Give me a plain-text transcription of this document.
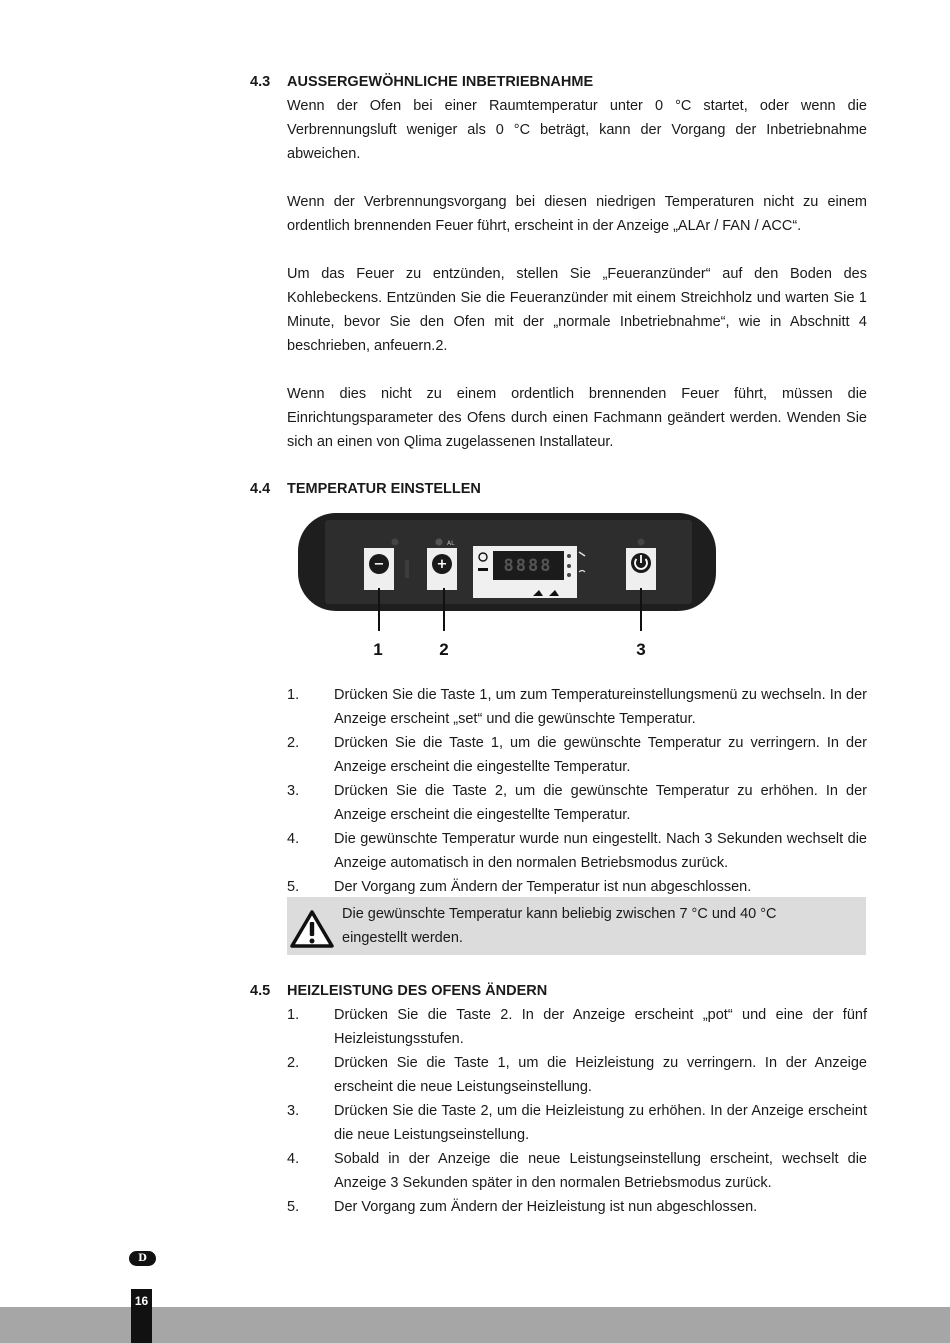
4.3	AUSSERGEWÖHNLICHE INBETRIEBNAHME

Wenn der Ofen bei einer Raumtemperatur unter 0 °C startet, oder wenn die Verbrennungsluft weniger als 0 °C beträgt, kann der Vorgang der Inbetriebnahme abweichen.

Wenn der Verbrennungsvorgang bei diesen niedrigen Temperaturen nicht zu einem ordentlich brennenden Feuer führt, erscheint in der Anzeige „ALAr / FAN / ACC“.

Um das Feuer zu entzünden, stellen Sie „Feueranzünder“ auf den Boden des Kohlebeckens. Entzünden Sie die Feueranzünder mit einem Streichholz und warten Sie 1 Minute, bevor Sie den Ofen mit der „normale Inbetriebnahme“, wie in Abschnitt 4 beschrieben, anfeuern.2.

Wenn dies nicht zu einem ordentlich brennenden Feuer führt, müssen die Einrichtungsparameter des Ofens durch einen Fachmann geändert werden. Wenden Sie sich an einen von Qlima zugelassenen Installateur.

4.4	TEMPERATUR EINSTELLEN
AL
−	+	8888
1	2	3
1.	Drücken Sie die Taste 1, um zum Temperatureinstellungsmenü zu wechseln. In der Anzeige erscheint „set“ und die gewünschte Temperatur.
2.	Drücken Sie die Taste 1, um die gewünschte Temperatur zu verringern. In der Anzeige erscheint die eingestellte Temperatur.
3.	Drücken Sie die Taste 2, um die gewünschte Temperatur zu erhöhen. In der Anzeige erscheint die eingestellte Temperatur.
4.	Die gewünschte Temperatur wurde nun eingestellt. Nach 3 Sekunden wechselt die Anzeige automatisch in den normalen Betriebsmodus zurück.
5.	Der Vorgang zum Ändern der Temperatur ist nun abgeschlossen.
Die gewünschte Temperatur kann beliebig zwischen 7 °C und 40 °C eingestellt werden.
4.5	HEIZLEISTUNG DES OFENS ÄNDERN
1.	Drücken Sie die Taste 2. In der Anzeige erscheint „pot“ und eine der fünf Heizleistungsstufen.
2.	Drücken Sie die Taste 1, um die Heizleistung zu verringern. In der Anzeige erscheint die neue Leistungseinstellung.
3.	Drücken Sie die Taste 2, um die Heizleistung zu erhöhen. In der Anzeige erscheint die neue Leistungseinstellung.
4.	Sobald in der Anzeige die neue Leistungseinstellung erscheint, wechselt die Anzeige 3 Sekunden später in den normalen Betriebsmodus zurück.
5.	Der Vorgang zum Ändern der Heizleistung ist nun abgeschlossen.
D
16
